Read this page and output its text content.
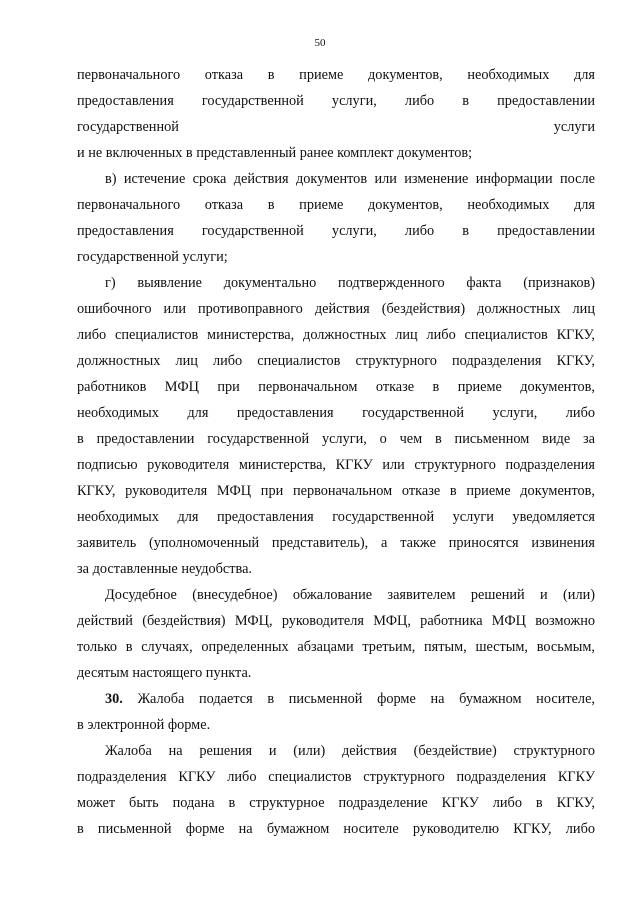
50
первоначального отказа в приеме документов, необходимых для
предоставления государственной услуги, либо в предоставлении
государственной услуги
и не включенных в представленный ранее комплект документов;
в) истечение срока действия документов или изменение информации после
первоначального отказа в приеме документов, необходимых для
предоставления государственной услуги, либо в предоставлении
государственной услуги;
г) выявление документально подтвержденного факта (признаков)
ошибочного или противоправного действия (бездействия) должностных лиц
либо специалистов министерства, должностных лиц либо специалистов КГКУ,
должностных лиц либо специалистов структурного подразделения КГКУ,
работников МФЦ при первоначальном отказе в приеме документов,
необходимых для предоставления государственной услуги, либо
в предоставлении государственной услуги, о чем в письменном виде за
подписью руководителя министерства, КГКУ или структурного подразделения
КГКУ, руководителя МФЦ при первоначальном отказе в приеме документов,
необходимых для предоставления государственной услуги уведомляется
заявитель (уполномоченный представитель), а также приносятся извинения
за доставленные неудобства.
Досудебное (внесудебное) обжалование заявителем решений и (или)
действий (бездействия) МФЦ, руководителя МФЦ, работника МФЦ возможно
только в случаях, определенных абзацами третьим, пятым, шестым, восьмым,
десятым настоящего пункта.
30. Жалоба подается в письменной форме на бумажном носителе,
в электронной форме.
Жалоба на решения и (или) действия (бездействие) структурного
подразделения КГКУ либо специалистов структурного подразделения КГКУ
может быть подана в структурное подразделение КГКУ либо в КГКУ,
в письменной форме на бумажном носителе руководителю КГКУ, либо
